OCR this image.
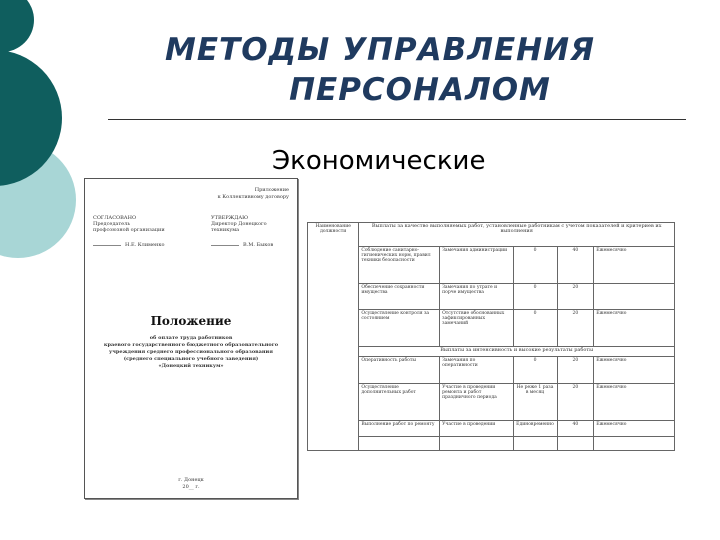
МЕТОДЫ УПРАВЛЕНИЯ
ПЕРСОНАЛОМ
Экономические
Приложение
к Коллективному договору
СОГЛАСОВАНО
Председатель
профсоюзной организации
Н.Е. Клименко
УТВЕРЖДАЮ
Директор Донецкого
техникума
В.М. Быков
Положение
об оплате труда работников
краевого государственного бюджетного образовательного
учреждения среднего профессионального образования
(среднего специального учебного заведения)
«Донецкий техникум»
г. Донецк
20__ г.
Наименование должности	Выплаты за качество выполняемых работ, установленные работникам с учетом показателей и критериев их выполнения				
	Соблюдение санитарно-гигиенических норм, правил техники безопасности	Замечания администрации	0	40	Ежемесячно
	Обеспечение сохранности имущества	Замечания по утрате и порче имущества	0	20	
	Осуществление контроля за состоянием	Отсутствие обоснованных зафиксированных замечаний	0	20	Ежемесячно
	Выплаты за интенсивность и высокие результаты работы				
	Оперативность работы	Замечания по оперативности	0	20	Ежемесячно
	Осуществление дополнительных работ	Участие в проведении ремонта и работ праздничного периода	Не реже 1 раза в месяц	20	Ежемесячно
	Выполнение работ по ремонту	Участие в проведении	Единовременно	40	Ежемесячно
